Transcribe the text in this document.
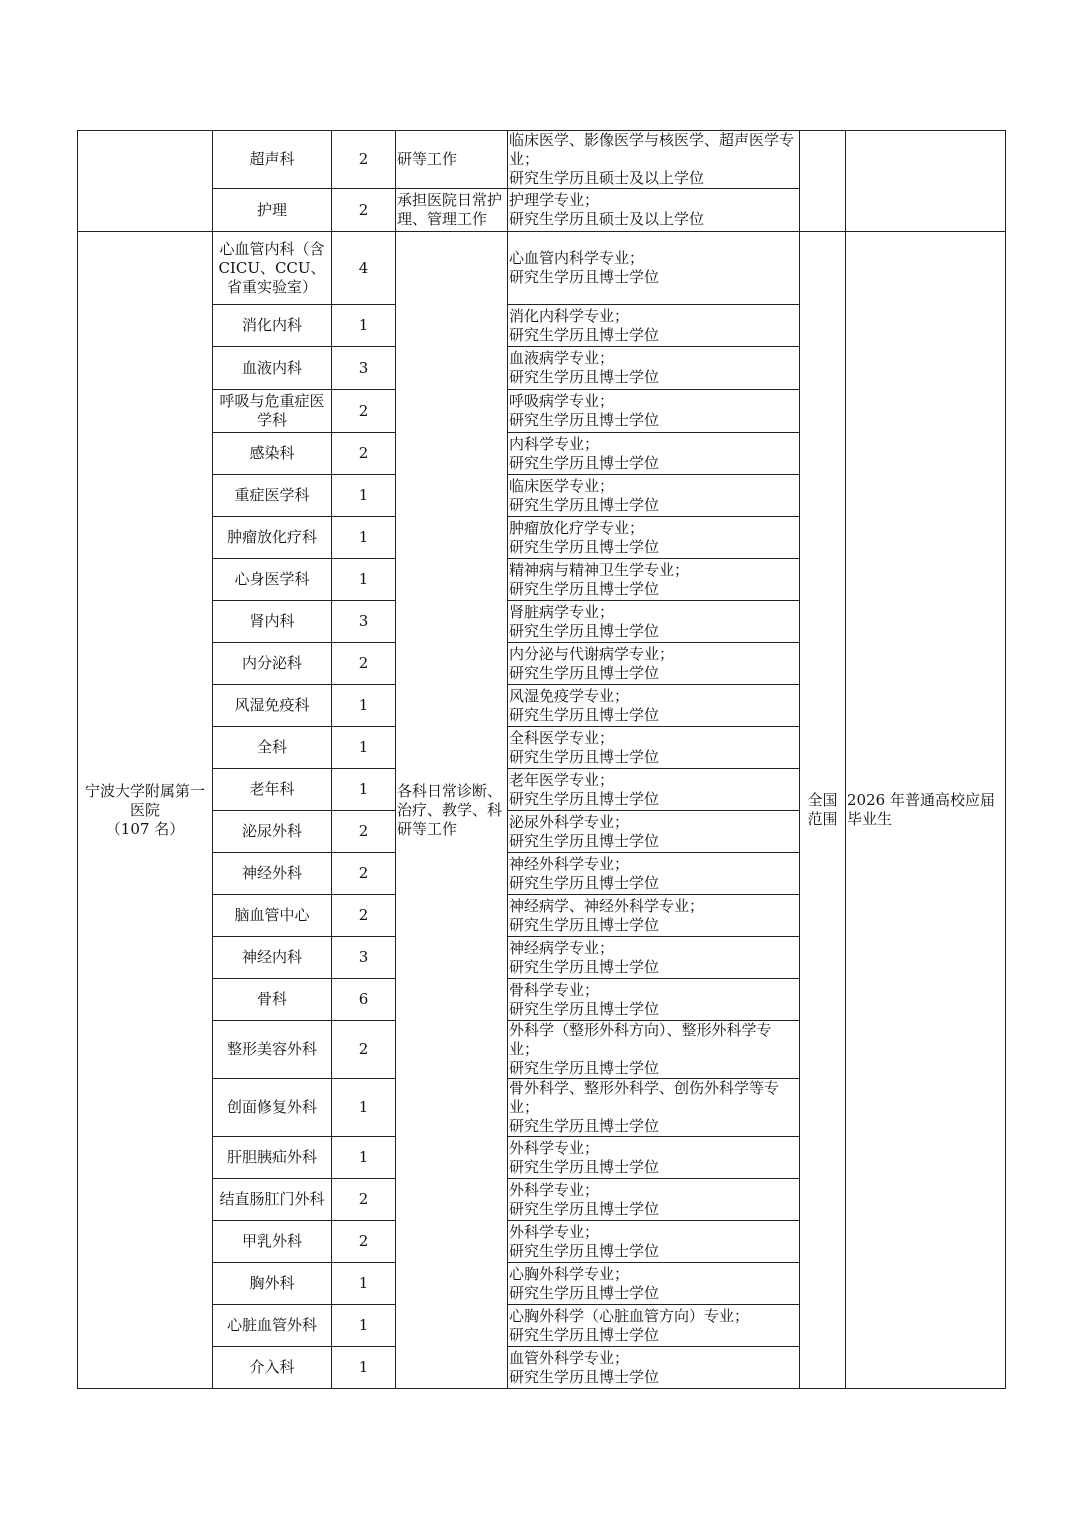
	超声科	2	研等工作	临床医学、影像医学与核医学、超声医学专业；
研究生学历且硕士及以上学位		

	护理	2	承担医院日常护理、管理工作	护理学专业；
研究生学历且硕士及以上学位		

宁波大学附属第一医院
（107 名）	心血管内科（含 CICU、CCU、省重实验室）	4	各科日常诊断、治疗、教学、科研等工作	心血管内科学专业；
研究生学历且博士学位	全国范围	2026 年普通高校应届毕业生
	消化内科	1		消化内科学专业；
研究生学历且博士学位		

	血液内科	3		血液病学专业；
研究生学历且博士学位		

	呼吸与危重症医学科	2		呼吸病学专业；
研究生学历且博士学位		

	感染科	2		内科学专业；
研究生学历且博士学位		

	重症医学科	1		临床医学专业；
研究生学历且博士学位		

	肿瘤放化疗科	1		肿瘤放化疗学专业；
研究生学历且博士学位		

	心身医学科	1		精神病与精神卫生学专业；
研究生学历且博士学位		

	肾内科	3		肾脏病学专业；
研究生学历且博士学位		

	内分泌科	2		内分泌与代谢病学专业；
研究生学历且博士学位		

	风湿免疫科	1		风湿免疫学专业；
研究生学历且博士学位		

	全科	1		全科医学专业；
研究生学历且博士学位		

	老年科	1		老年医学专业；
研究生学历且博士学位		

	泌尿外科	2		泌尿外科学专业；
研究生学历且博士学位		

	神经外科	2		神经外科学专业；
研究生学历且博士学位		

	脑血管中心	2		神经病学、神经外科学专业；
研究生学历且博士学位		

	神经内科	3		神经病学专业；
研究生学历且博士学位		

	骨科	6		骨科学专业；
研究生学历且博士学位		

	整形美容外科	2		外科学（整形外科方向）、整形外科学专业；
研究生学历且博士学位		

	创面修复外科	1		骨外科学、整形外科学、创伤外科学等专业；
研究生学历且博士学位		

	肝胆胰疝外科	1		外科学专业；
研究生学历且博士学位		

	结直肠肛门外科	2		外科学专业；
研究生学历且博士学位		

	甲乳外科	2		外科学专业；
研究生学历且博士学位		

	胸外科	1		心胸外科学专业；
研究生学历且博士学位		

	心脏血管外科	1		心胸外科学（心脏血管方向）专业；
研究生学历且博士学位		

	介入科	1		血管外科学专业；
研究生学历且博士学位		
